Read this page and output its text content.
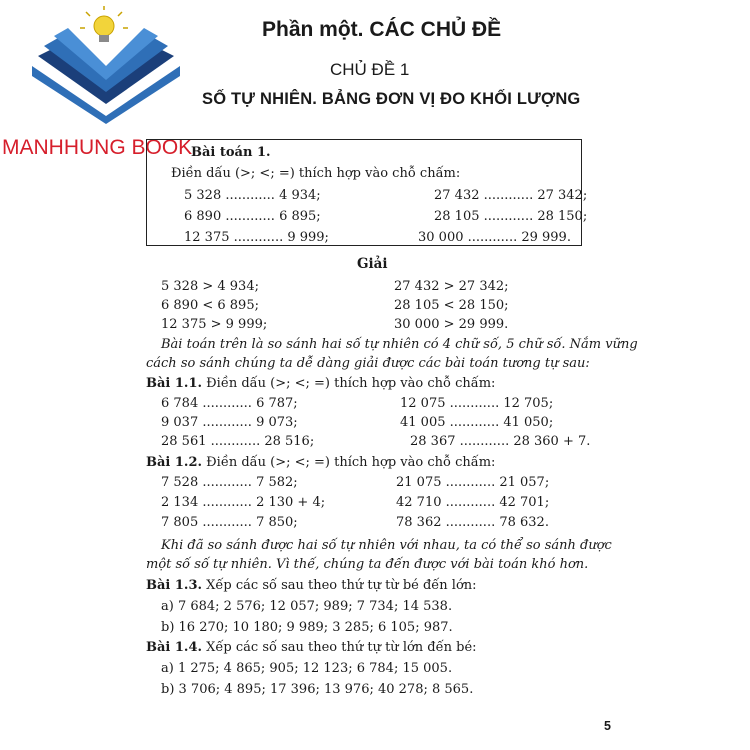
MANHHUNG BOOK
Phần một. CÁC CHỦ ĐỀ
CHỦ ĐỀ 1
SỐ TỰ NHIÊN. BẢNG ĐƠN VỊ ĐO KHỐI LƯỢNG
Bài toán 1.
Điền dấu (>; <; =) thích hợp vào chỗ chấm:
5 328 ............ 4 934;	27 432 ............ 27 342;
6 890 ............ 6 895;	28 105 ............ 28 150;
12 375 ............ 9 999;	30 000 ............ 29 999.
Giải
5 328 > 4 934;	27 432 > 27 342;
6 890 < 6 895;	28 105 < 28 150;
12 375 > 9 999;	30 000 > 29 999.
Bài toán trên là so sánh hai số tự nhiên có 4 chữ số, 5 chữ số. Nắm vững
cách so sánh chúng ta dễ dàng giải được các bài toán tương tự sau:
Bài 1.1. Điền dấu (>; <; =) thích hợp vào chỗ chấm:
6 784 ............ 6 787;	12 075 ............ 12 705;
9 037 ............ 9 073;	41 005 ............ 41 050;
28 561 ............ 28 516;	28 367 ............ 28 360 + 7.
Bài 1.2. Điền dấu (>; <; =) thích hợp vào chỗ chấm:
7 528 ............ 7 582;	21 075 ............ 21 057;
2 134 ............ 2 130 + 4;	42 710 ............ 42 701;
7 805 ............ 7 850;	78 362 ............ 78 632.
Khi đã so sánh được hai số tự nhiên với nhau, ta có thể so sánh được
một số số tự nhiên. Vì thế, chúng ta đến được với bài toán khó hơn.
Bài 1.3. Xếp các số sau theo thứ tự từ bé đến lớn:
a) 7 684; 2 576; 12 057; 989; 7 734; 14 538.
b) 16 270; 10 180; 9 989; 3 285; 6 105; 987.
Bài 1.4. Xếp các số sau theo thứ tự từ lớn đến bé:
a) 1 275; 4 865; 905; 12 123; 6 784; 15 005.
b) 3 706; 4 895; 17 396; 13 976; 40 278; 8 565.
5
